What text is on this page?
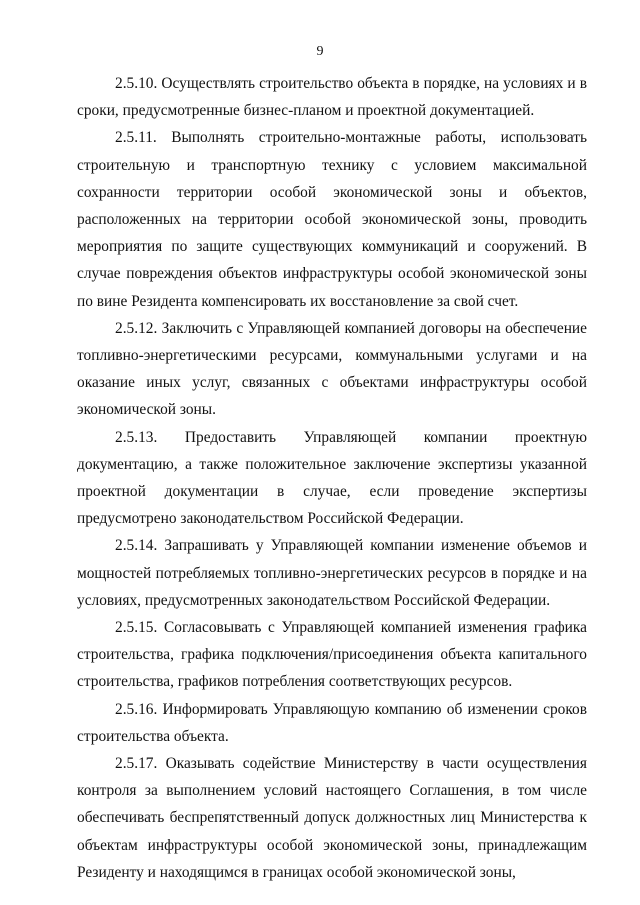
9

2.5.10. Осуществлять строительство объекта в порядке, на условиях и в сроки, предусмотренные бизнес-планом и проектной документацией.

2.5.11. Выполнять строительно-монтажные работы, использовать строительную и транспортную технику с условием максимальной сохранности территории особой экономической зоны и объектов, расположенных на территории особой экономической зоны, проводить мероприятия по защите существующих коммуникаций и сооружений. В случае повреждения объектов инфраструктуры особой экономической зоны по вине Резидента компенсировать их восстановление за свой счет.

2.5.12. Заключить с Управляющей компанией договоры на обеспечение топливно-энергетическими ресурсами, коммунальными услугами и на оказание иных услуг, связанных с объектами инфраструктуры особой экономической зоны.

2.5.13. Предоставить Управляющей компании проектную документацию, а также положительное заключение экспертизы указанной проектной документации в случае, если проведение экспертизы предусмотрено законодательством Российской Федерации.

2.5.14. Запрашивать у Управляющей компании изменение объемов и мощностей потребляемых топливно-энергетических ресурсов в порядке и на условиях, предусмотренных законодательством Российской Федерации.

2.5.15. Согласовывать с Управляющей компанией изменения графика строительства, графика подключения/присоединения объекта капитального строительства, графиков потребления соответствующих ресурсов.

2.5.16. Информировать Управляющую компанию об изменении сроков строительства объекта.

2.5.17. Оказывать содействие Министерству в части осуществления контроля за выполнением условий настоящего Соглашения, в том числе обеспечивать беспрепятственный допуск должностных лиц Министерства к объектам инфраструктуры особой экономической зоны, принадлежащим Резиденту и находящимся в границах особой экономической зоны,
